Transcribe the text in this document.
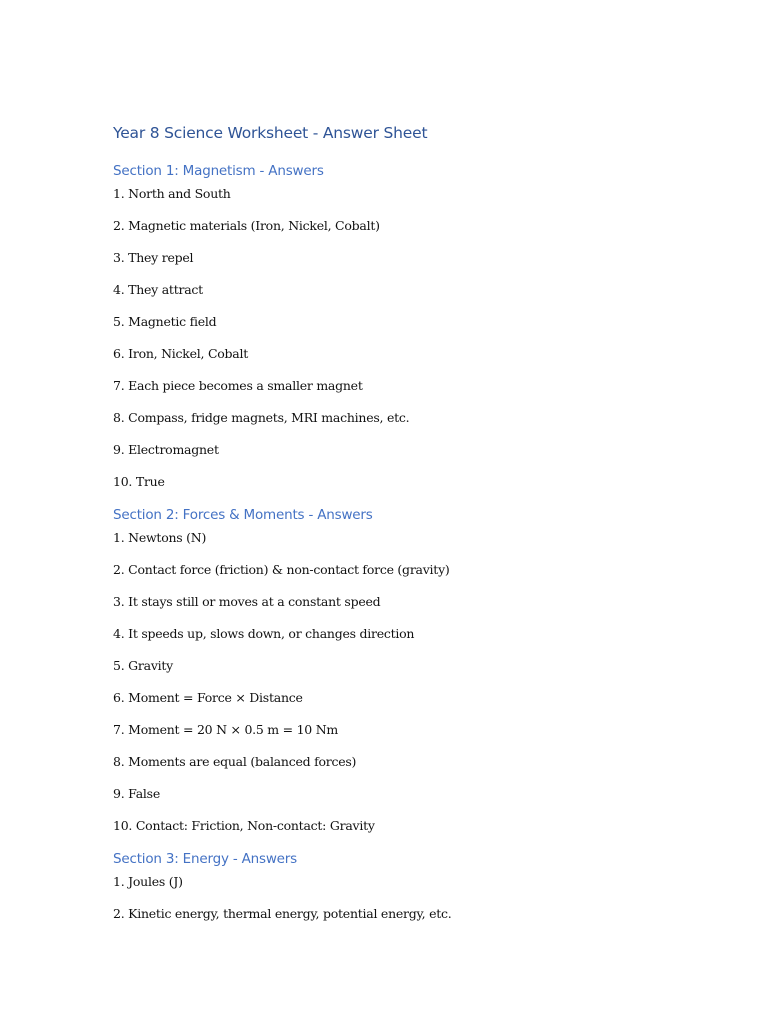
Year 8 Science Worksheet - Answer Sheet
Section 1: Magnetism - Answers

1. North and South

2. Magnetic materials (Iron, Nickel, Cobalt)

3. They repel

4. They attract

5. Magnetic field

6. Iron, Nickel, Cobalt

7. Each piece becomes a smaller magnet

8. Compass, fridge magnets, MRI machines, etc.

9. Electromagnet

10. True

Section 2: Forces & Moments - Answers

1. Newtons (N)

2. Contact force (friction) & non-contact force (gravity)

3. It stays still or moves at a constant speed

4. It speeds up, slows down, or changes direction

5. Gravity

6. Moment = Force × Distance

7. Moment = 20 N × 0.5 m = 10 Nm

8. Moments are equal (balanced forces)

9. False

10. Contact: Friction, Non-contact: Gravity

Section 3: Energy - Answers

1. Joules (J)

2. Kinetic energy, thermal energy, potential energy, etc.
